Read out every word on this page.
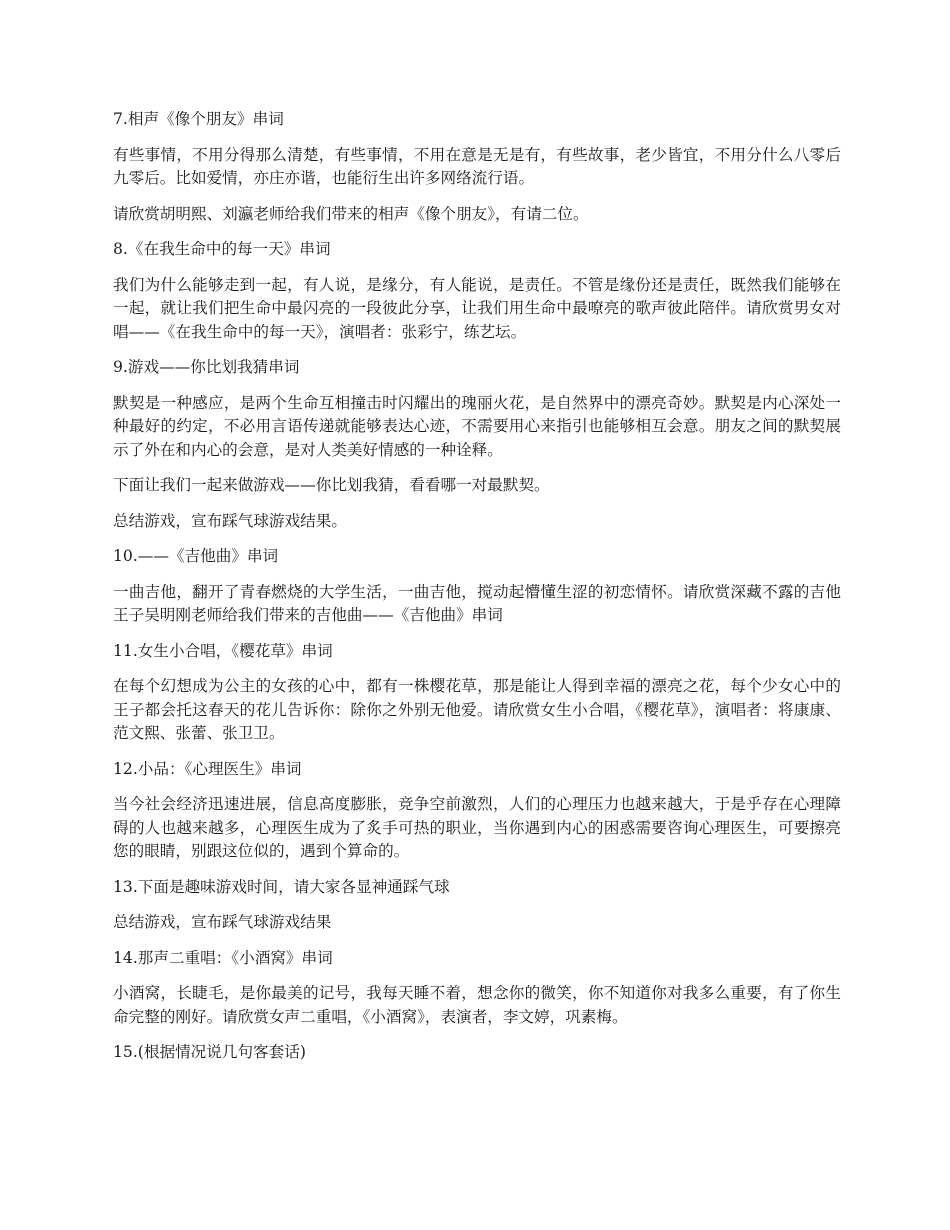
7.相声《像个朋友》串词

有些事情，不用分得那么清楚，有些事情，不用在意是无是有，有些故事，老少皆宜，不用分什么八零后九零后。比如爱情，亦庄亦谐，也能衍生出许多网络流行语。

请欣赏胡明熙、刘瀛老师给我们带来的相声《像个朋友》，有请二位。

8.《在我生命中的每一天》串词

我们为什么能够走到一起，有人说，是缘分，有人能说，是责任。不管是缘份还是责任，既然我们能够在一起，就让我们把生命中最闪亮的一段彼此分享，让我们用生命中最嘹亮的歌声彼此陪伴。请欣赏男女对唱——《在我生命中的每一天》，演唱者：张彩宁，练艺坛。

9.游戏——你比划我猜串词

默契是一种感应，是两个生命互相撞击时闪耀出的瑰丽火花，是自然界中的漂亮奇妙。默契是内心深处一种最好的约定，不必用言语传递就能够表达心迹，不需要用心来指引也能够相互会意。朋友之间的默契展示了外在和内心的会意，是对人类美好情感的一种诠释。

下面让我们一起来做游戏——你比划我猜，看看哪一对最默契。

总结游戏，宣布踩气球游戏结果。

10.——《吉他曲》串词

一曲吉他，翻开了青春燃烧的大学生活，一曲吉他，搅动起懵懂生涩的初恋情怀。请欣赏深藏不露的吉他王子吴明刚老师给我们带来的吉他曲——《吉他曲》串词

11.女生小合唱，《樱花草》串词

在每个幻想成为公主的女孩的心中，都有一株樱花草，那是能让人得到幸福的漂亮之花，每个少女心中的王子都会托这春天的花儿告诉你：除你之外别无他爱。请欣赏女生小合唱，《樱花草》，演唱者：将康康、范文熙、张蕾、张卫卫。

12.小品：《心理医生》串词

当今社会经济迅速进展，信息高度膨胀，竞争空前激烈，人们的心理压力也越来越大，于是乎存在心理障碍的人也越来越多，心理医生成为了炙手可热的职业，当你遇到内心的困惑需要咨询心理医生，可要擦亮您的眼睛，别跟这位似的，遇到个算命的。

13.下面是趣味游戏时间，请大家各显神通踩气球

总结游戏，宣布踩气球游戏结果

14.那声二重唱：《小酒窝》串词

小酒窝，长睫毛，是你最美的记号，我每天睡不着，想念你的微笑，你不知道你对我多么重要，有了你生命完整的刚好。请欣赏女声二重唱，《小酒窝》，表演者，李文婷，巩素梅。

15.(根据情况说几句客套话)
